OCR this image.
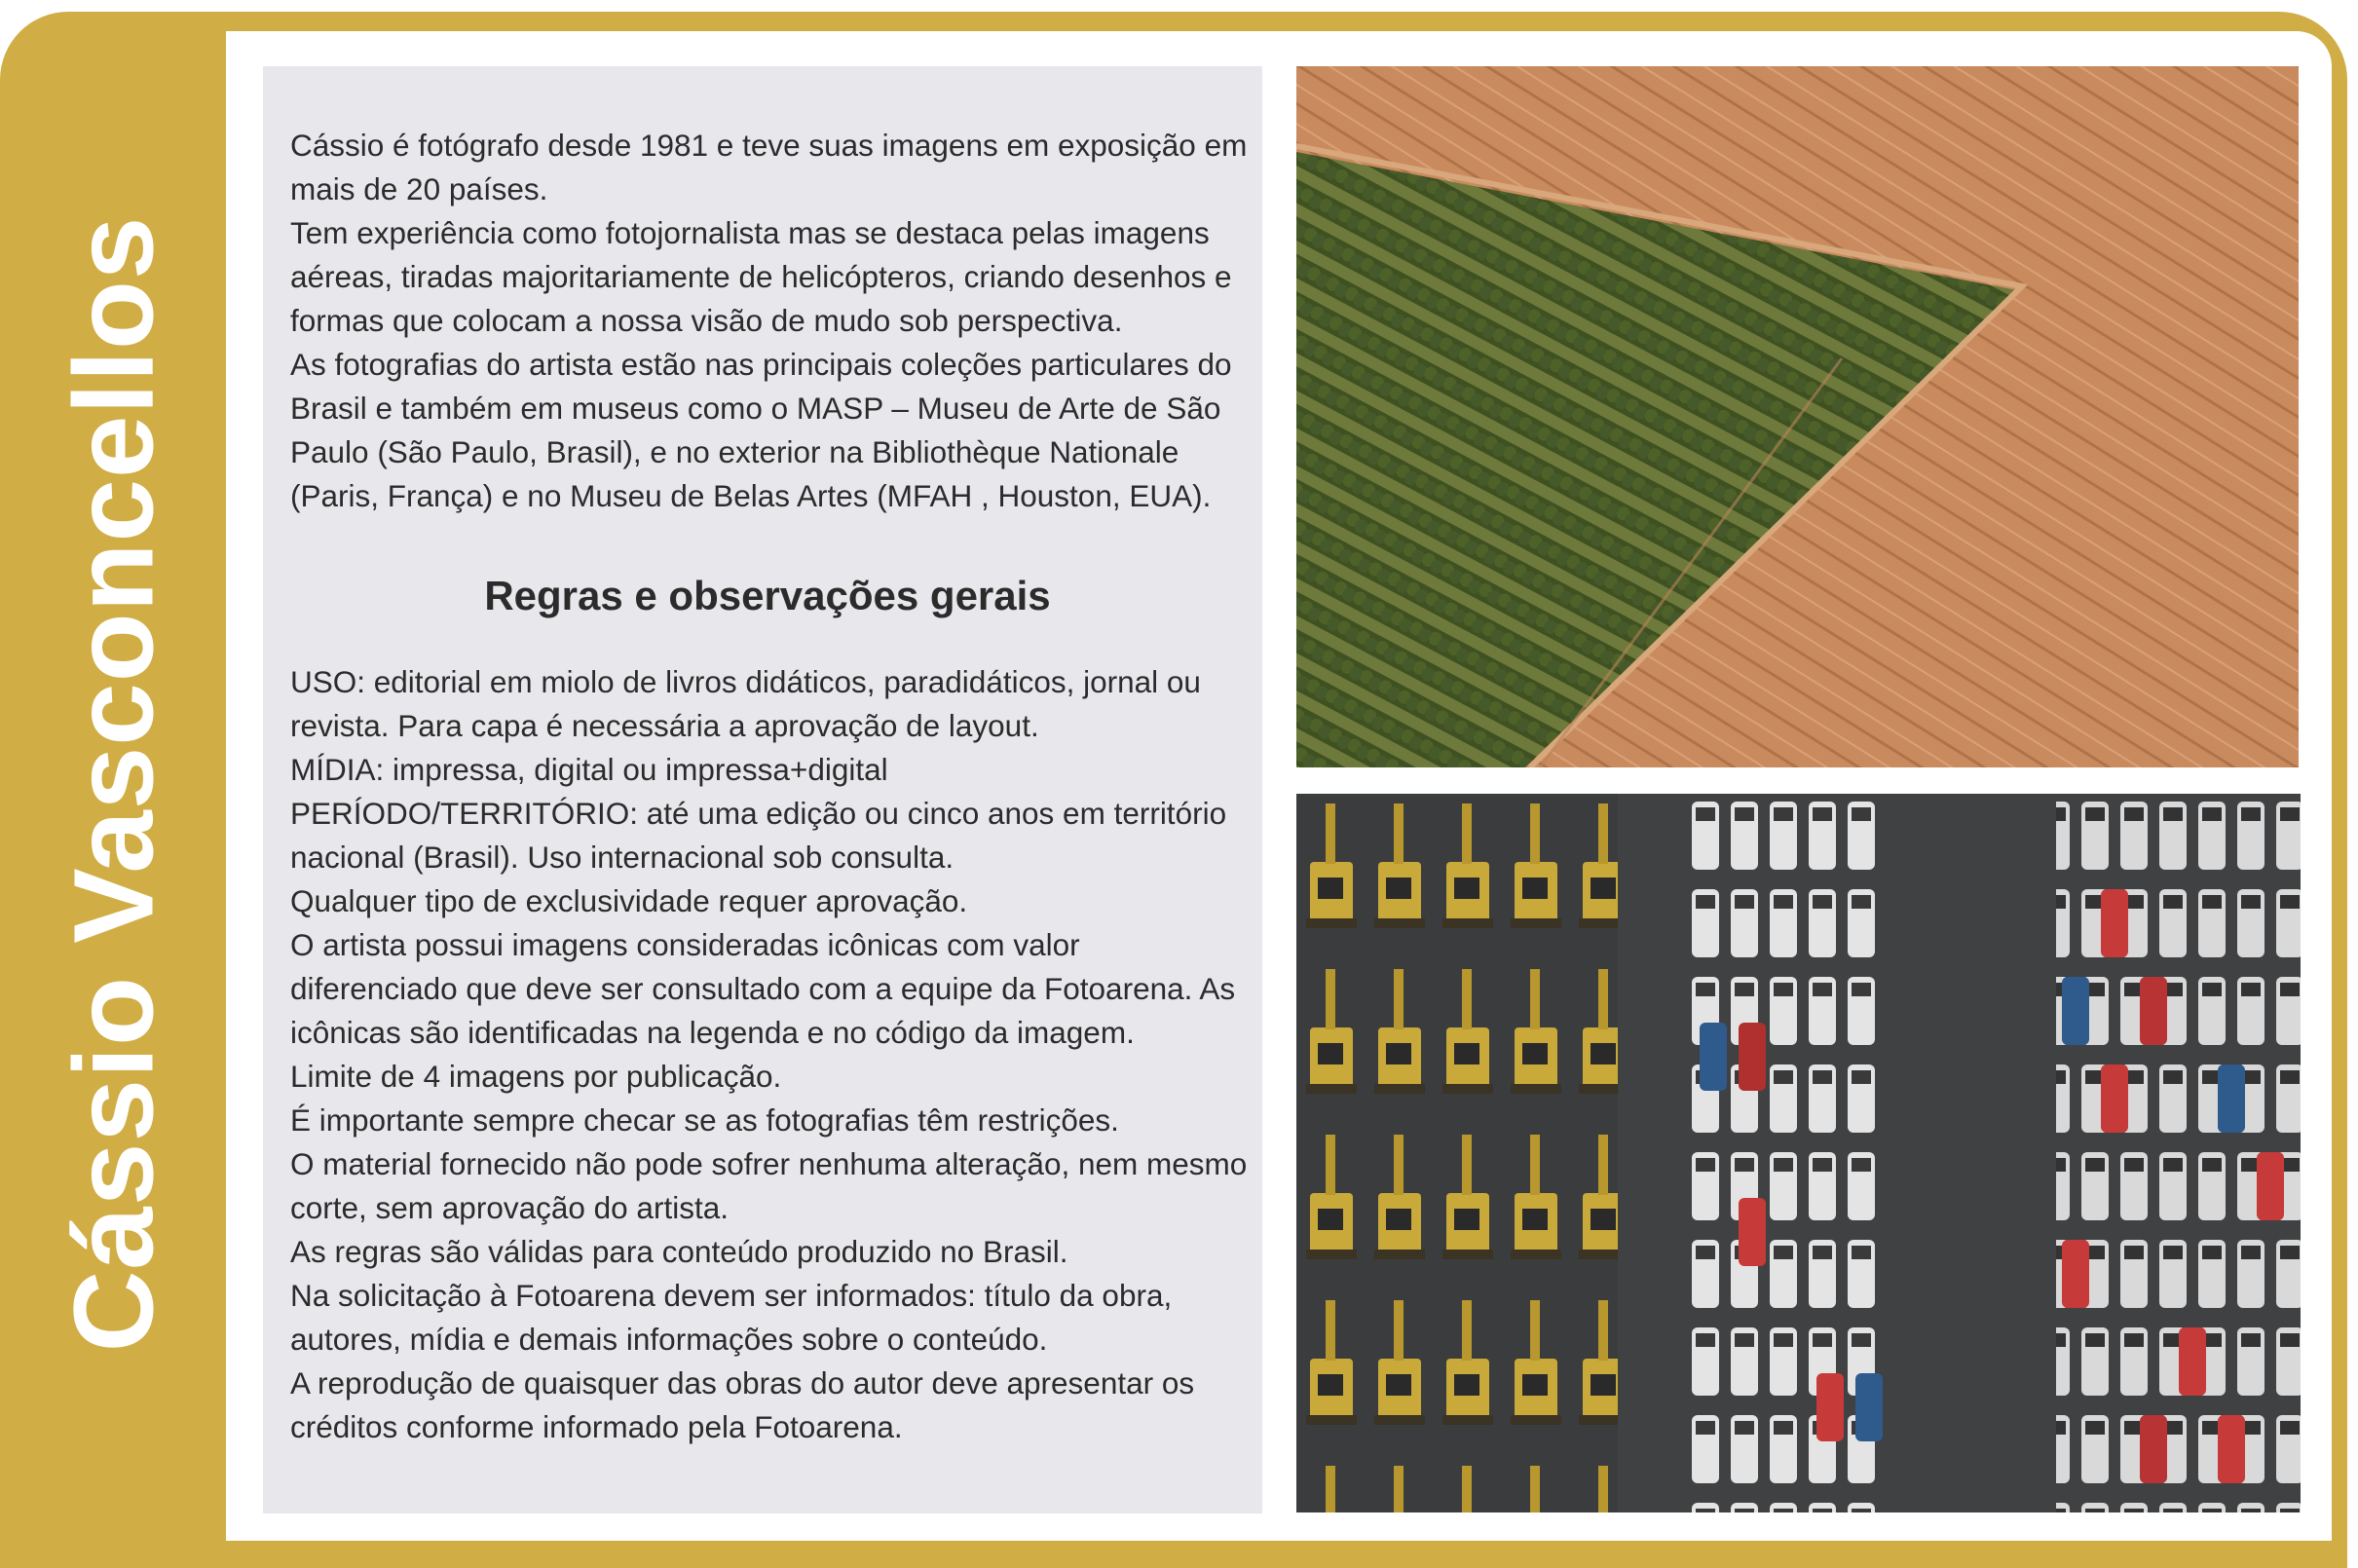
Cássio Vasconcellos

Cássio é fotógrafo desde 1981 e teve suas imagens em exposição em mais de 20 países.

Tem experiência como fotojornalista mas se destaca pelas imagens aéreas, tiradas majoritariamente de helicópteros, criando desenhos e formas que colocam a nossa visão de mudo sob perspectiva.

As fotografias do artista estão nas principais coleções particulares do Brasil e também em museus como o MASP – Museu de Arte de São Paulo (São Paulo, Brasil), e no exterior na Bibliothèque Nationale (Paris, França) e no Museu de Belas Artes (MFAH , Houston, EUA).

Regras e observações gerais

USO: editorial em miolo de livros didáticos, paradidáticos, jornal ou revista. Para capa é necessária a aprovação de layout.

MÍDIA: impressa, digital ou impressa+digital

PERÍODO/TERRITÓRIO: até uma edição ou cinco anos em território nacional (Brasil). Uso internacional sob consulta.

Qualquer tipo de exclusividade requer aprovação.

O artista possui imagens consideradas icônicas com valor diferenciado que deve ser consultado com a equipe da Fotoarena. As icônicas são identificadas na legenda e no código da imagem.

Limite de 4 imagens por publicação.

É importante sempre checar se as fotografias têm restrições.

O material fornecido não pode sofrer nenhuma alteração, nem mesmo corte, sem aprovação do artista.

As regras são válidas para conteúdo produzido no Brasil.

Na solicitação à Fotoarena devem ser informados: título da obra, autores, mídia e demais informações sobre o conteúdo.

A reprodução de quaisquer das obras do autor deve apresentar os créditos conforme informado pela Fotoarena.
